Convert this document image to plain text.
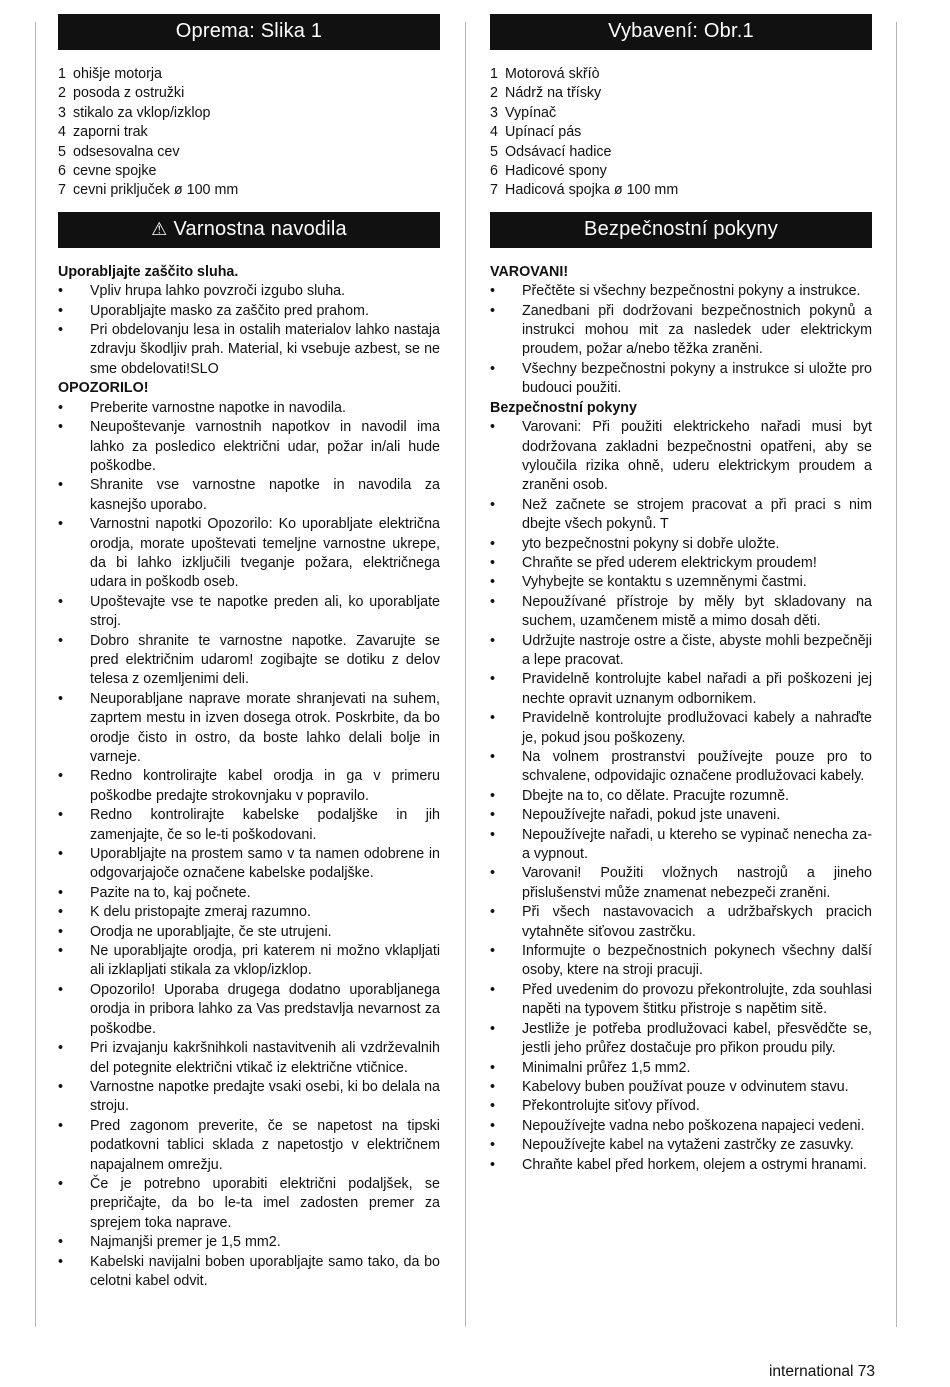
Oprema: Slika 1
1 ohišje motorja
2 posoda z ostružki
3 stikalo za vklop/izklop
4 zaporni trak
5 odsesovalna cev
6 cevne spojke
7 cevni priključek ø 100 mm
⚠ Varnostna navodila
Uporabljajte zaščito sluha.
• Vpliv hrupa lahko povzroči izgubo sluha.
• Uporabljajte masko za zaščito pred prahom.
• Pri obdelovanju lesa in ostalih materialov lahko nastaja zdravju škodljiv prah. Material, ki vsebuje azbest, se ne sme obdelovati!SLO
OPOZORILO!
• Preberite varnostne napotke in navodila.
• Neupoštevanje varnostnih napotkov in navodil ima lahko za posledico električni udar, požar in/ali hude poškodbe.
• Shranite vse varnostne napotke in navodila za kasnejšo uporabo.
• Varnostni napotki Opozorilo: Ko uporabljate električna orodja, morate upoštevati temeljne varnostne ukrepe, da bi lahko izključili tveganje požara, električnega udara in poškodb oseb.
• Upoštevajte vse te napotke preden ali, ko uporabljate stroj.
• Dobro shranite te varnostne napotke. Zavarujte se pred električnim udarom! zogibajte se dotiku z delov telesa z ozemljenimi deli.
• Neuporabljane naprave morate shranjevati na suhem, zaprtem mestu in izven dosega otrok. Poskrbite, da bo orodje čisto in ostro, da boste lahko delali bolje in varneje.
• Redno kontrolirajte kabel orodja in ga v primeru poškodbe predajte strokovnjaku v popravilo.
• Redno kontrolirajte kabelske podaljške in jih zamenjajte, če so le-ti poškodovani.
• Uporabljajte na prostem samo v ta namen odobrene in odgovarjajoče označene kabelske podaljške.
• Pazite na to, kaj počnete.
• K delu pristopajte zmeraj razumno.
• Orodja ne uporabljajte, če ste utrujeni.
• Ne uporabljajte orodja, pri katerem ni možno vklapljati ali izklapljati stikala za vklop/izklop.
• Opozorilo! Uporaba drugega dodatno uporabljanega orodja in pribora lahko za Vas predstavlja nevarnost za poškodbe.
• Pri izvajanju kakršnihkoli nastavitvenih ali vzdrževalnih del potegnite električni vtikač iz električne vtičnice.
• Varnostne napotke predajte vsaki osebi, ki bo delala na stroju.
• Pred zagonom preverite, če se napetost na tipski podatkovni tablici sklada z napetostjo v električnem napajalnem omrežju.
• Če je potrebno uporabiti električni podaljšek, se prepričajte, da bo le-ta imel zadosten premer za sprejem toka naprave.
• Najmanjši premer je 1,5 mm2.
• Kabelski navijalni boben uporabljajte samo tako, da bo celotni kabel odvit.
Vybavení: Obr.1
1 Motorová skříò
2 Nádrž na třísky
3 Vypínač
4 Upínací pás
5 Odsávací hadice
6 Hadicové spony
7 Hadicová spojka ø 100 mm
Bezpečnostní pokyny
VAROVANI!
• Přečtěte si všechny bezpečnostni pokyny a instrukce.
• Zanedbani při dodržovani bezpečnostnich pokynů a instrukci mohou mit za nasledek uder elektrickym proudem, požar a/nebo těžka zraněni.
• Všechny bezpečnostni pokyny a instrukce si uložte pro budouci použiti.
Bezpečnostní pokyny
• Varovani: Při použiti elektrickeho nařadi musi byt dodržovana zakladni bezpečnostni opatřeni, aby se vyloučila rizika ohně, uderu elektrickym proudem a zraněni osob.
• Než začnete se strojem pracovat a při praci s nim dbejte všech pokynů. T
• yto bezpečnostni pokyny si dobře uložte.
• Chraňte se před uderem elektrickym proudem!
• Vyhybejte se kontaktu s uzemněnymi častmi.
• Nepoužívané přístroje by měly byt skladovany na suchem, uzamčenem mistě a mimo dosah děti.
• Udržujte nastroje ostre a čiste, abyste mohli bezpečněji a lepe pracovat.
• Pravidelně kontrolujte kabel nařadi a při poškozeni jej nechte opravit uznanym odbornikem.
• Pravidelně kontrolujte prodlužovaci kabely a nahraďte je, pokud jsou poškozeny.
• Na volnem prostranstvi používejte pouze pro to schvalene, odpovidajic označene prodlužovaci kabely.
• Dbejte na to, co dělate. Pracujte rozumně.
• Nepoužívejte nařadi, pokud jste unaveni.
• Nepoužívejte nařadi, u ktereho se vypinač nenecha za- a vypnout.
• Varovani! Použiti vložnych nastrojů a jineho přislušenstvi může znamenat nebezpeči zraněni.
• Při všech nastavovacich a udržbařskych pracich vytahněte siťovou zastrčku.
• Informujte o bezpečnostnich pokynech všechny další osoby, ktere na stroji pracuji.
• Před uvedenim do provozu překontrolujte, zda souhlasi napěti na typovem štitku přistroje s napětim sitě.
• Jestliže je potřeba prodlužovaci kabel, přesvědčte se, jestli jeho průřez dostačuje pro přikon proudu pily.
• Minimalni průřez 1,5 mm2.
• Kabelovy buben používat pouze v odvinutem stavu.
• Překontrolujte siťovy přívod.
• Nepoužívejte vadna nebo poškozena napajeci vedeni.
• Nepoužívejte kabel na vytaženi zastrčky ze zasuvky.
• Chraňte kabel před horkem, olejem a ostrymi hranami.
international 73
